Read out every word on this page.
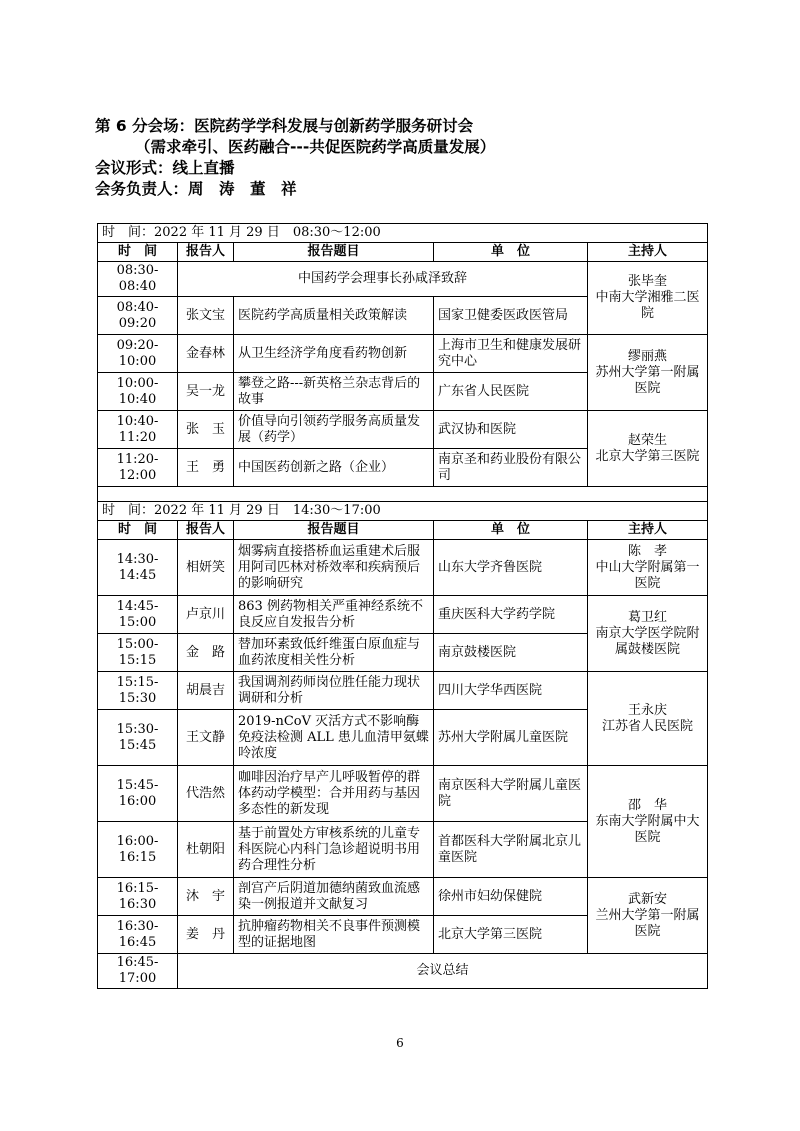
第 6 分会场：医院药学学科发展与创新药学服务研讨会
（需求牵引、医药融合---共促医院药学高质量发展）
会议形式：线上直播
会务负责人：周　涛　董　祥
时　间：2022 年 11 月 29 日　08:30～12:00				
时　间	报告人	报告题目	单　位	主持人
08:30-08:40	中国药学会理事长孙咸泽致辞			张毕奎
中南大学湘雅二医院
08:40-09:20	张文宝	医院药学高质量相关政策解读	国家卫健委医政医管局	
09:20-10:00	金春林	从卫生经济学角度看药物创新	上海市卫生和健康发展研究中心	缪丽燕
苏州大学第一附属医院
10:00-10:40	吴一龙	攀登之路---新英格兰杂志背后的故事	广东省人民医院	
10:40-11:20	张　玉	价值导向引领药学服务高质量发展（药学）	武汉协和医院	赵荣生
北京大学第三医院
11:20-12:00	王　勇	中国医药创新之路（企业）	南京圣和药业股份有限公司	

时　间：2022 年 11 月 29 日　14:30～17:00				
时　间	报告人	报告题目	单　位	主持人
14:30-14:45	相妍笑	烟雾病直接搭桥血运重建术后服用阿司匹林对桥效率和疾病预后的影响研究	山东大学齐鲁医院	陈　孝
中山大学附属第一医院
14:45-15:00	卢京川	863 例药物相关严重神经系统不良反应自发报告分析	重庆医科大学药学院	葛卫红
南京大学医学院附属鼓楼医院
15:00-15:15	金　路	替加环素致低纤维蛋白原血症与血药浓度相关性分析	南京鼓楼医院	
15:15-15:30	胡晨吉	我国调剂药师岗位胜任能力现状调研和分析	四川大学华西医院	王永庆
江苏省人民医院
15:30-15:45	王文静	2019-nCoV 灭活方式不影响酶免疫法检测 ALL 患儿血清甲氨蝶呤浓度	苏州大学附属儿童医院	
15:45-16:00	代浩然	咖啡因治疗早产儿呼吸暂停的群体药动学模型：合并用药与基因多态性的新发现	南京医科大学附属儿童医院	邵　华
东南大学附属中大医院
16:00-16:15	杜朝阳	基于前置处方审核系统的儿童专科医院心内科门急诊超说明书用药合理性分析	首都医科大学附属北京儿童医院	
16:15-16:30	沐　宇	剖宫产后阴道加德纳菌致血流感染一例报道并文献复习	徐州市妇幼保健院	武新安
兰州大学第一附属医院
16:30-16:45	姜　丹	抗肿瘤药物相关不良事件预测模型的证据地图	北京大学第三医院	
16:45-17:00	会议总结			
6
